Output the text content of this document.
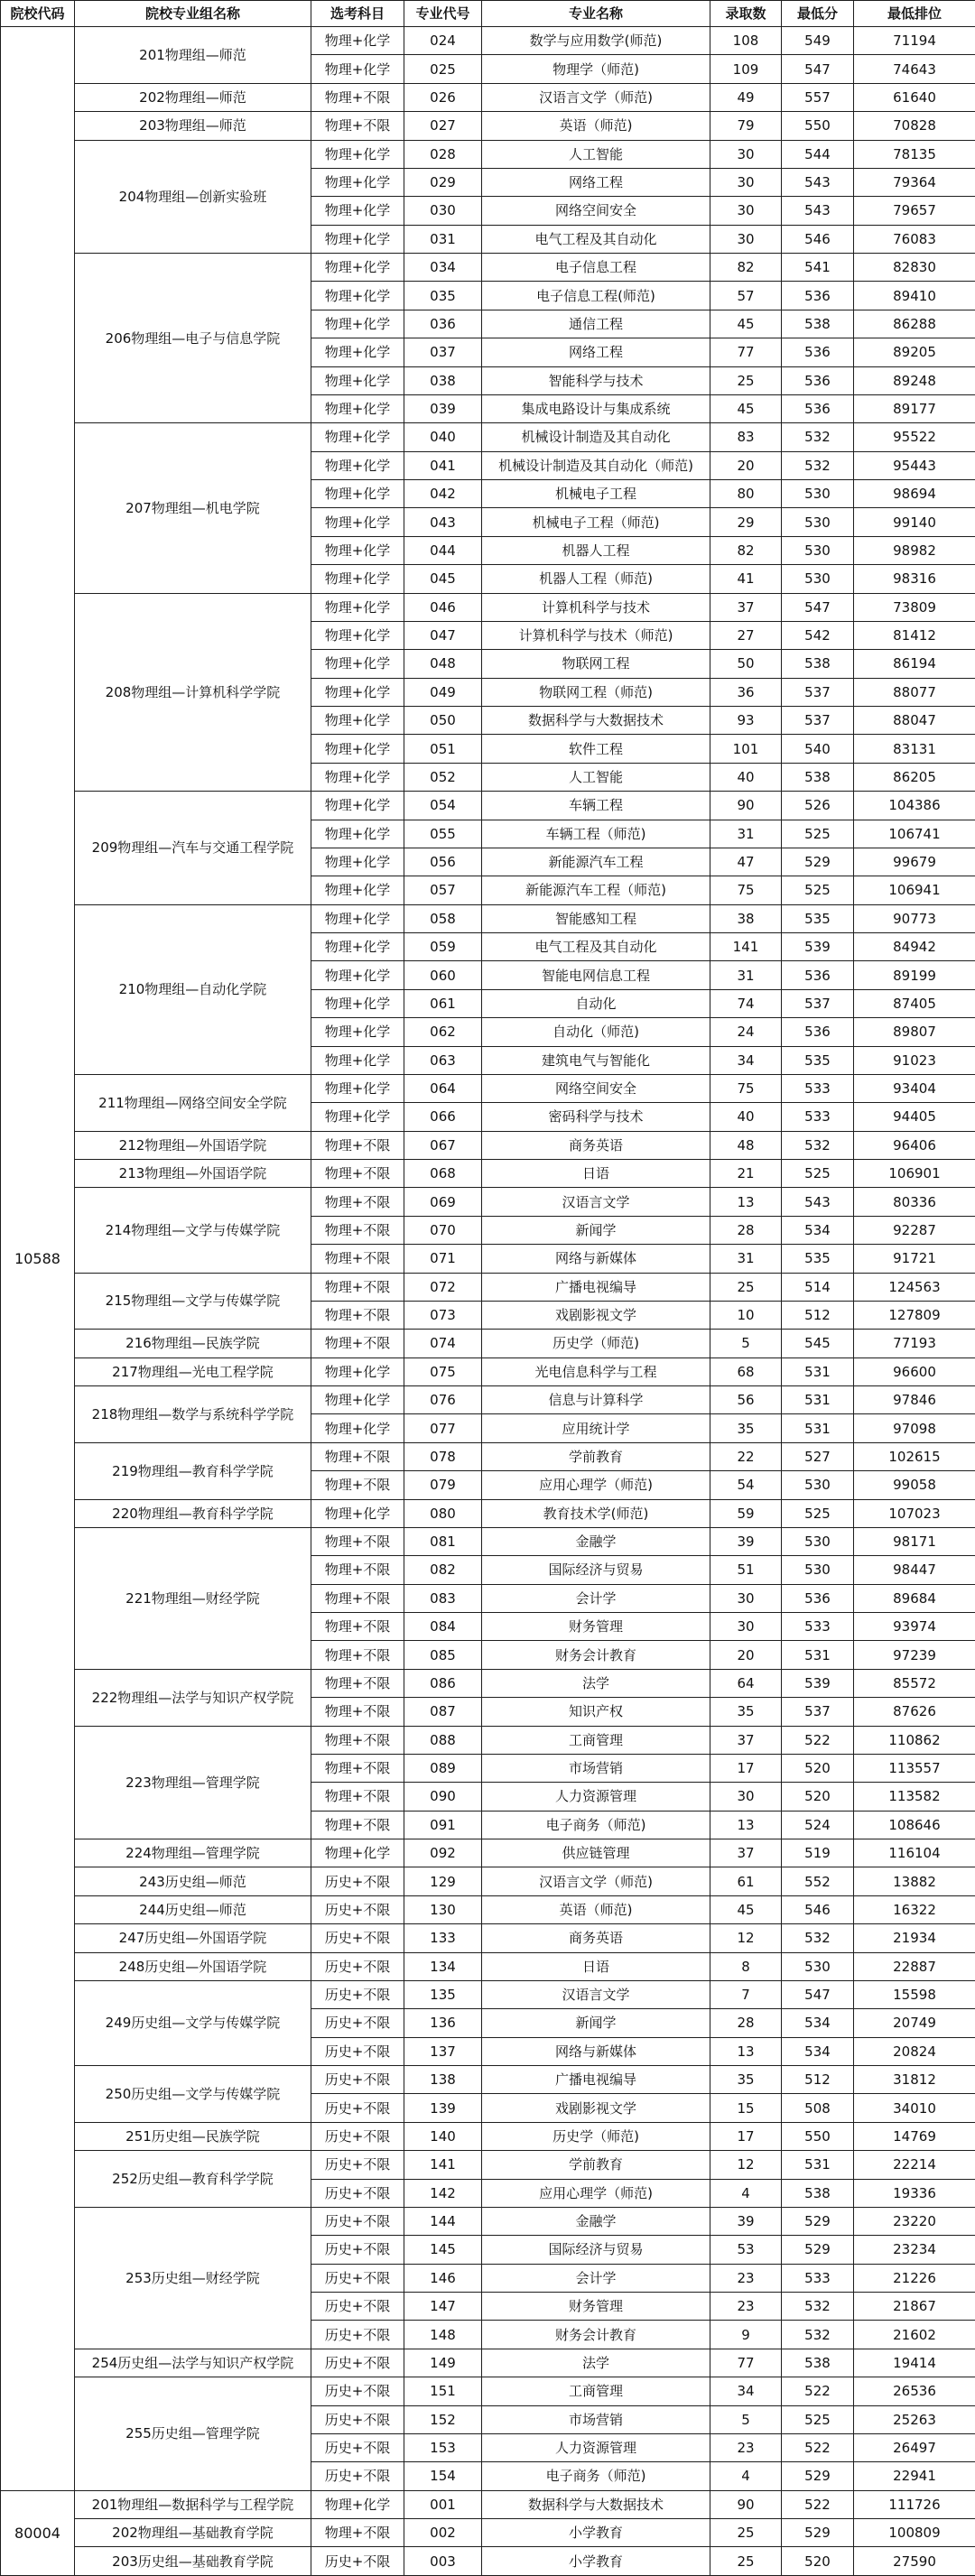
院校代码	院校专业组名称	选考科目	专业代号	专业名称	录取数	最低分	最低排位
10588	201物理组—师范	物理+化学	024	数学与应用数学(师范)	108	549	71194
		物理+化学	025	物理学（师范)	109	547	74643
	202物理组—师范	物理+不限	026	汉语言文学（师范)	49	557	61640
	203物理组—师范	物理+不限	027	英语（师范)	79	550	70828
	204物理组—创新实验班	物理+化学	028	人工智能	30	544	78135
		物理+化学	029	网络工程	30	543	79364
		物理+化学	030	网络空间安全	30	543	79657
		物理+化学	031	电气工程及其自动化	30	546	76083
	206物理组—电子与信息学院	物理+化学	034	电子信息工程	82	541	82830
		物理+化学	035	电子信息工程(师范)	57	536	89410
		物理+化学	036	通信工程	45	538	86288
		物理+化学	037	网络工程	77	536	89205
		物理+化学	038	智能科学与技术	25	536	89248
		物理+化学	039	集成电路设计与集成系统	45	536	89177
	207物理组—机电学院	物理+化学	040	机械设计制造及其自动化	83	532	95522
		物理+化学	041	机械设计制造及其自动化（师范)	20	532	95443
		物理+化学	042	机械电子工程	80	530	98694
		物理+化学	043	机械电子工程（师范)	29	530	99140
		物理+化学	044	机器人工程	82	530	98982
		物理+化学	045	机器人工程（师范)	41	530	98316
	208物理组—计算机科学学院	物理+化学	046	计算机科学与技术	37	547	73809
		物理+化学	047	计算机科学与技术（师范)	27	542	81412
		物理+化学	048	物联网工程	50	538	86194
		物理+化学	049	物联网工程（师范)	36	537	88077
		物理+化学	050	数据科学与大数据技术	93	537	88047
		物理+化学	051	软件工程	101	540	83131
		物理+化学	052	人工智能	40	538	86205
	209物理组—汽车与交通工程学院	物理+化学	054	车辆工程	90	526	104386
		物理+化学	055	车辆工程（师范)	31	525	106741
		物理+化学	056	新能源汽车工程	47	529	99679
		物理+化学	057	新能源汽车工程（师范)	75	525	106941
	210物理组—自动化学院	物理+化学	058	智能感知工程	38	535	90773
		物理+化学	059	电气工程及其自动化	141	539	84942
		物理+化学	060	智能电网信息工程	31	536	89199
		物理+化学	061	自动化	74	537	87405
		物理+化学	062	自动化（师范)	24	536	89807
		物理+化学	063	建筑电气与智能化	34	535	91023
	211物理组—网络空间安全学院	物理+化学	064	网络空间安全	75	533	93404
		物理+化学	066	密码科学与技术	40	533	94405
	212物理组—外国语学院	物理+不限	067	商务英语	48	532	96406
	213物理组—外国语学院	物理+不限	068	日语	21	525	106901
	214物理组—文学与传媒学院	物理+不限	069	汉语言文学	13	543	80336
		物理+不限	070	新闻学	28	534	92287
		物理+不限	071	网络与新媒体	31	535	91721
	215物理组—文学与传媒学院	物理+不限	072	广播电视编导	25	514	124563
		物理+不限	073	戏剧影视文学	10	512	127809
	216物理组—民族学院	物理+不限	074	历史学（师范)	5	545	77193
	217物理组—光电工程学院	物理+化学	075	光电信息科学与工程	68	531	96600
	218物理组—数学与系统科学学院	物理+化学	076	信息与计算科学	56	531	97846
		物理+化学	077	应用统计学	35	531	97098
	219物理组—教育科学学院	物理+不限	078	学前教育	22	527	102615
		物理+不限	079	应用心理学（师范)	54	530	99058
	220物理组—教育科学学院	物理+化学	080	教育技术学(师范)	59	525	107023
	221物理组—财经学院	物理+不限	081	金融学	39	530	98171
		物理+不限	082	国际经济与贸易	51	530	98447
		物理+不限	083	会计学	30	536	89684
		物理+不限	084	财务管理	30	533	93974
		物理+不限	085	财务会计教育	20	531	97239
	222物理组—法学与知识产权学院	物理+不限	086	法学	64	539	85572
		物理+不限	087	知识产权	35	537	87626
	223物理组—管理学院	物理+不限	088	工商管理	37	522	110862
		物理+不限	089	市场营销	17	520	113557
		物理+不限	090	人力资源管理	30	520	113582
		物理+不限	091	电子商务（师范)	13	524	108646
	224物理组—管理学院	物理+化学	092	供应链管理	37	519	116104
	243历史组—师范	历史+不限	129	汉语言文学（师范)	61	552	13882
	244历史组—师范	历史+不限	130	英语（师范)	45	546	16322
	247历史组—外国语学院	历史+不限	133	商务英语	12	532	21934
	248历史组—外国语学院	历史+不限	134	日语	8	530	22887
	249历史组—文学与传媒学院	历史+不限	135	汉语言文学	7	547	15598
		历史+不限	136	新闻学	28	534	20749
		历史+不限	137	网络与新媒体	13	534	20824
	250历史组—文学与传媒学院	历史+不限	138	广播电视编导	35	512	31812
		历史+不限	139	戏剧影视文学	15	508	34010
	251历史组—民族学院	历史+不限	140	历史学（师范)	17	550	14769
	252历史组—教育科学学院	历史+不限	141	学前教育	12	531	22214
		历史+不限	142	应用心理学（师范)	4	538	19336
	253历史组—财经学院	历史+不限	144	金融学	39	529	23220
		历史+不限	145	国际经济与贸易	53	529	23234
		历史+不限	146	会计学	23	533	21226
		历史+不限	147	财务管理	23	532	21867
		历史+不限	148	财务会计教育	9	532	21602
	254历史组—法学与知识产权学院	历史+不限	149	法学	77	538	19414
	255历史组—管理学院	历史+不限	151	工商管理	34	522	26536
		历史+不限	152	市场营销	5	525	25263
		历史+不限	153	人力资源管理	23	522	26497
		历史+不限	154	电子商务（师范)	4	529	22941
80004	201物理组—数据科学与工程学院	物理+化学	001	数据科学与大数据技术	90	522	111726
	202物理组—基础教育学院	物理+不限	002	小学教育	25	529	100809
	203历史组—基础教育学院	历史+不限	003	小学教育	25	520	27590
